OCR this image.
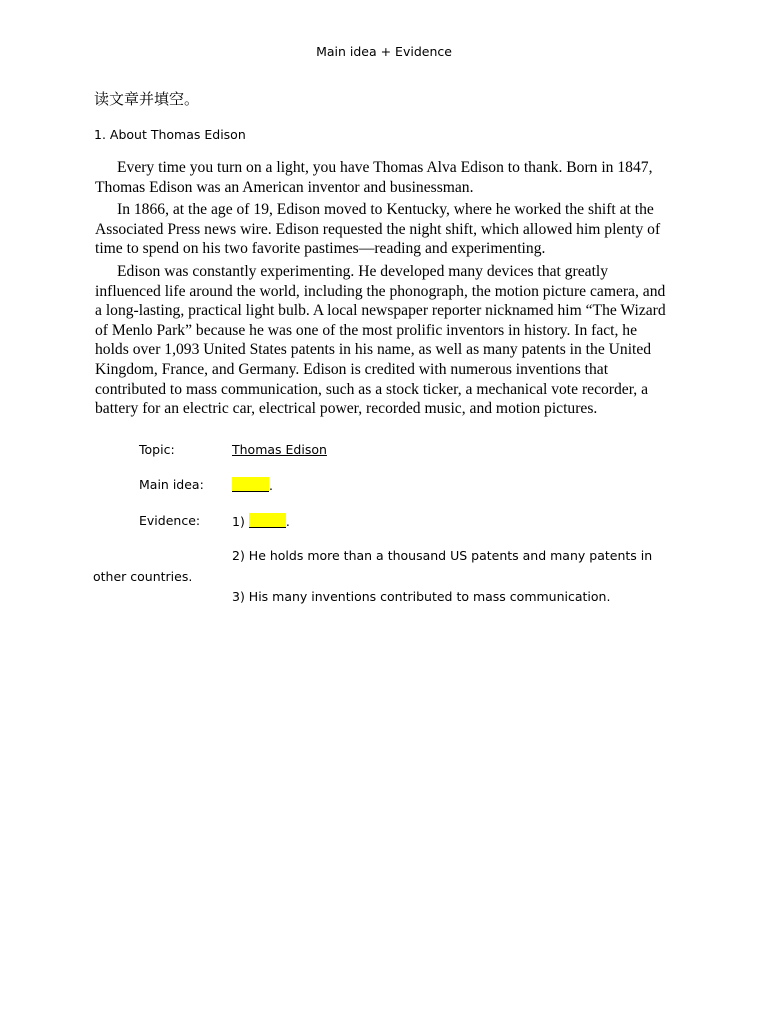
Main idea + Evidence
读文章并填空。
1. About Thomas Edison

Every time you turn on a light, you have Thomas Alva Edison to thank. Born in 1847, Thomas Edison was an American inventor and businessman.

In 1866, at the age of 19, Edison moved to Kentucky, where he worked the shift at the Associated Press news wire. Edison requested the night shift, which allowed him plenty of time to spend on his two favorite pastimes—reading and experimenting.

Edison was constantly experimenting. He developed many devices that greatly influenced life around the world, including the phonograph, the motion picture camera, and a long-lasting, practical light bulb. A local newspaper reporter nicknamed him “The Wizard of Menlo Park” because he was one of the most prolific inventors in history. In fact, he holds over 1,093 United States patents in his name, as well as many patents in the United Kingdom, France, and Germany. Edison is credited with numerous inventions that contributed to mass communication, such as a stock ticker, a mechanical vote recorder, a battery for an electric car, electrical power, recorded music, and motion pictures.

Topic:	Thomas Edison
Main idea:	.
Evidence:	1)	.
2) He holds more than a thousand US patents and many patents in
other countries.
3) His many inventions contributed to mass communication.
